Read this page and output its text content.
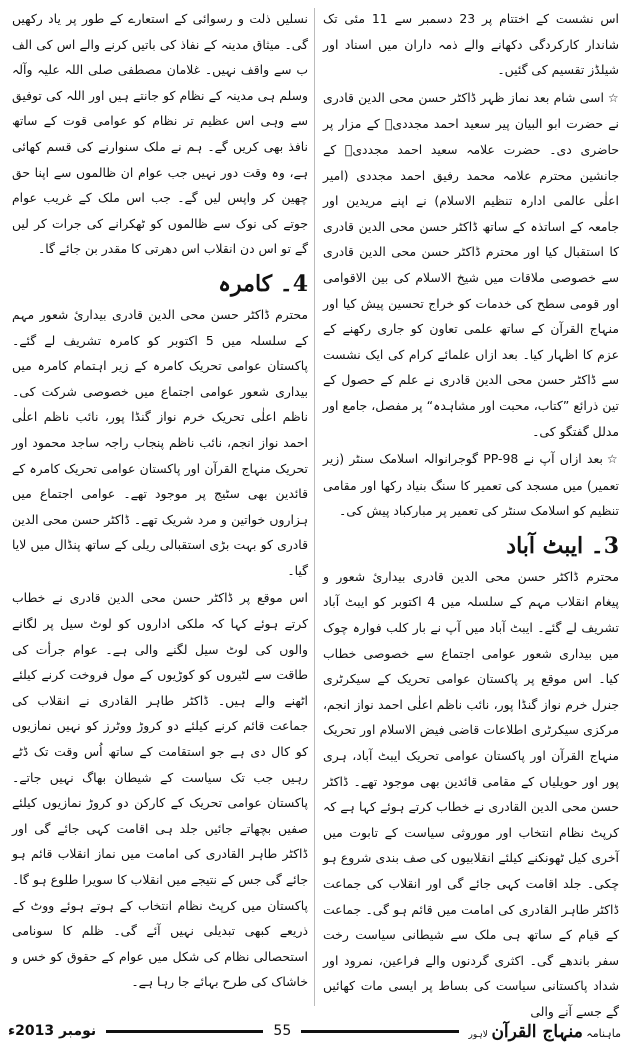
اس نشست کے اختتام پر 23 دسمبر سے 11 مئی تک شاندار کارکردگی دکھانے والے ذمہ داران میں اسناد اور شیلڈز تقسیم کی گئیں۔

☆اسی شام بعد نماز ظہر ڈاکٹر حسن محی الدین قادری نے حضرت ابو البیان پیر سعید احمد مجددیؒ کے مزار پر حاضری دی۔ حضرت علامہ سعید احمد مجددیؒ کے جانشین محترم علامہ محمد رفیق احمد مجددی (امیر اعلٰی عالمی ادارہ تنظیم الاسلام) نے اپنے مریدین اور جامعہ کے اساتذہ کے ساتھ ڈاکٹر حسن محی الدین قادری کا استقبال کیا اور محترم ڈاکٹر حسن محی الدین قادری سے خصوصی ملاقات میں شیخ الاسلام کی بین الاقوامی اور قومی سطح کی خدمات کو خراج تحسین پیش کیا اور منہاج القرآن کے ساتھ علمی تعاون کو جاری رکھنے کے عزم کا اظہار کیا۔ بعد ازاں علمائے کرام کی ایک نشست سے ڈاکٹر حسن محی الدین قادری نے علم کے حصول کے تین ذرائع ”کتاب، محبت اور مشاہدہ“ پر مفصل، جامع اور مدلل گفتگو کی۔

☆بعد ازاں آپ نے PP-98 گوجرانوالہ اسلامک سنٹر (زیر تعمیر) میں مسجد کی تعمیر کا سنگ بنیاد رکھا اور مقامی تنظیم کو اسلامک سنٹر کی تعمیر پر مبارکباد پیش کی۔

3۔ ایبٹ آباد

محترم ڈاکٹر حسن محی الدین قادری بیداریٔ شعور و پیغام انقلاب مہم کے سلسلہ میں 4 اکتوبر کو ایبٹ آباد تشریف لے گئے۔ ایبٹ آباد میں آپ نے بار کلب فوارہ چوک میں بیداری شعور عوامی اجتماع سے خصوصی خطاب کیا۔ اس موقع پر پاکستان عوامی تحریک کے سیکرٹری جنرل خرم نواز گنڈا پور، نائب ناظم اعلٰی احمد نواز انجم، مرکزی سیکرٹری اطلاعات قاضی فیض الاسلام اور تحریک منہاج القرآن اور پاکستان عوامی تحریک ایبٹ آباد، ہری پور اور حویلیاں کے مقامی قائدین بھی موجود تھے۔ ڈاکٹر حسن محی الدین القادری نے خطاب کرتے ہوئے کہا ہے کہ کرپٹ نظام انتخاب اور موروثی سیاست کے تابوت میں آخری کیل ٹھونکنے کیلئے انقلابیوں کی صف بندی شروع ہو چکی۔ جلد اقامت کہی جائے گی اور انقلاب کی جماعت ڈاکٹر طاہر القادری کی امامت میں قائم ہو گی۔ جماعت کے قیام کے ساتھ ہی ملک سے شیطانی سیاست رخت سفر باندھے گی۔ اکثری گردنوں والے فراعین، نمرود اور شداد پاکستانی سیاست کی بساط پر ایسی مات کھائیں گے جسے آنے والی

نسلیں ذلت و رسوائی کے استعارے کے طور پر یاد رکھیں گی۔ میثاق مدینہ کے نفاذ کی باتیں کرنے والے اس کی الف ب سے واقف نہیں۔ غلامان مصطفی صلی اللہ علیہ وآلہ وسلم ہی مدینہ کے نظام کو جانتے ہیں اور اللہ کی توفیق سے وہی اس عظیم تر نظام کو عوامی قوت کے ساتھ نافذ بھی کریں گے۔ ہم نے ملک سنوارنے کی قسم کھائی ہے، وہ وقت دور نہیں جب عوام ان ظالموں سے اپنا حق چھین کر واپس لیں گے۔ جب اس ملک کے غریب عوام جوتے کی نوک سے ظالموں کو ٹھکرانے کی جرات کر لیں گے تو اس دن انقلاب اس دھرتی کا مقدر بن جائے گا۔

4۔ کامرہ

محترم ڈاکٹر حسن محی الدین قادری بیداریٔ شعور مہم کے سلسلہ میں 5 اکتوبر کو کامرہ تشریف لے گئے۔ پاکستان عوامی تحریک کامرہ کے زیر اہتمام کامرہ میں بیداری شعور عوامی اجتماع میں خصوصی شرکت کی۔ ناظم اعلٰی تحریک خرم نواز گنڈا پور، نائب ناظم اعلٰی احمد نواز انجم، نائب ناظم پنجاب راجہ ساجد محمود اور تحریک منہاج القرآن اور پاکستان عوامی تحریک کامرہ کے قائدین بھی سٹیج پر موجود تھے۔ عوامی اجتماع میں ہزاروں خواتین و مرد شریک تھے۔ ڈاکٹر حسن محی الدین قادری کو بہت بڑی استقبالی ریلی کے ساتھ پنڈال میں لایا گیا۔

اس موقع پر ڈاکٹر حسن محی الدین قادری نے خطاب کرتے ہوئے کہا کہ ملکی اداروں کو لوٹ سیل پر لگانے والوں کی لوٹ سیل لگنے والی ہے۔ عوام جرأت کی طاقت سے لٹیروں کو کوڑیوں کے مول فروخت کرنے کیلئے اٹھنے والے ہیں۔ ڈاکٹر طاہر القادری نے انقلاب کی جماعت قائم کرنے کیلئے دو کروڑ ووٹرز کو نہیں نمازیوں کو کال دی ہے جو استقامت کے ساتھ اُس وقت تک ڈٹے رہیں جب تک سیاست کے شیطان بھاگ نہیں جاتے۔ پاکستان عوامی تحریک کے کارکن دو کروڑ نمازیوں کیلئے صفیں بچھاتے جائیں جلد ہی اقامت کہی جائے گی اور ڈاکٹر طاہر القادری کی امامت میں نماز انقلاب قائم ہو جائے گی جس کے نتیجے میں انقلاب کا سویرا طلوع ہو گا۔ پاکستان میں کرپٹ نظام انتخاب کے ہوتے ہوئے ووٹ کے ذریعے کبھی تبدیلی نہیں آئے گی۔ ظلم کا سونامی استحصالی نظام کی شکل میں عوام کے حقوق کو خس و خاشاک کی طرح بہائے جا رہا ہے۔

نومبر 2013ء	55	ماہنامہ منہاج القرآن لاہور
